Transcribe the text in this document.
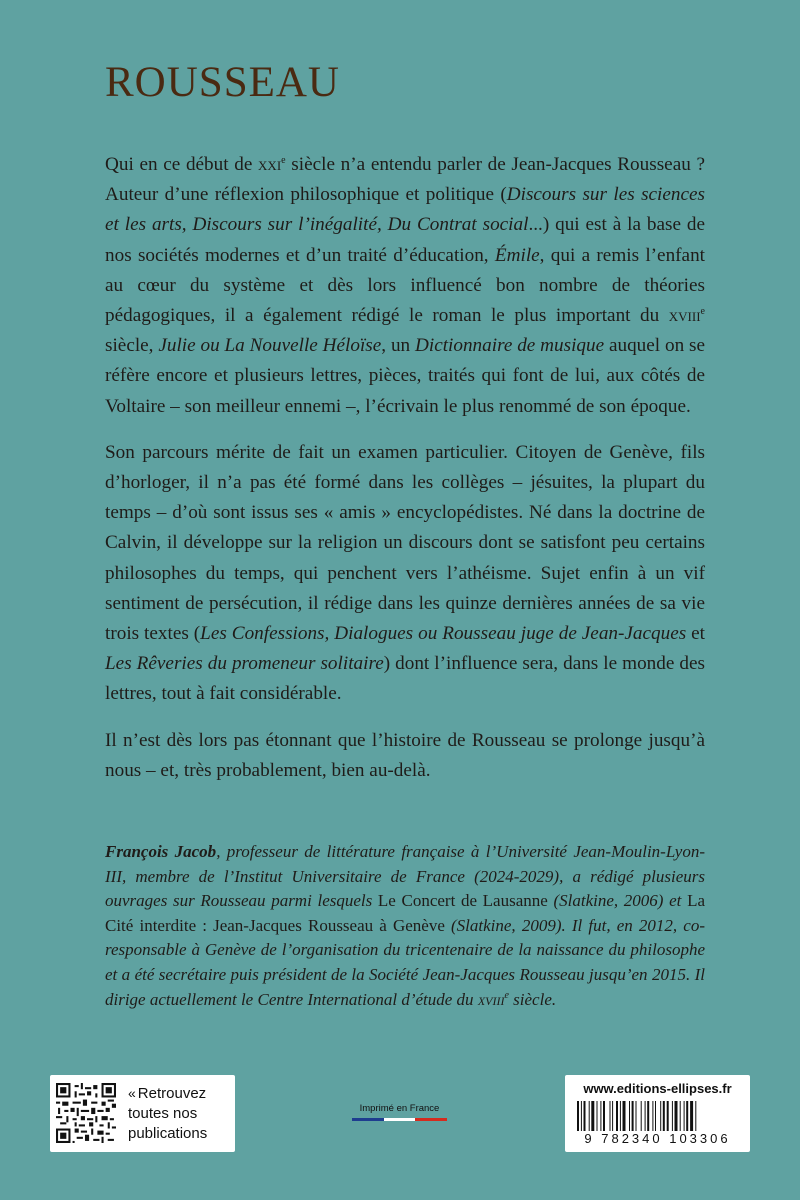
ROUSSEAU

Qui en ce début de xxi$^e$ siècle n’a entendu parler de Jean-Jacques Rousseau ? Auteur d’une réflexion philosophique et politique (Discours sur les sciences et les arts, Discours sur l’inégalité, Du Contrat social...) qui est à la base de nos sociétés modernes et d’un traité d’éducation, Émile, qui a remis l’enfant au cœur du système et dès lors influencé bon nombre de théories pédagogiques, il a également rédigé le roman le plus important du xviii$^e$ siècle, Julie ou La Nouvelle Héloïse, un Dictionnaire de musique auquel on se réfère encore et plusieurs lettres, pièces, traités qui font de lui, aux côtés de Voltaire – son meilleur ennemi –, l’écrivain le plus renommé de son époque.

Son parcours mérite de fait un examen particulier. Citoyen de Genève, fils d’horloger, il n’a pas été formé dans les collèges – jésuites, la plupart du temps – d’où sont issus ses « amis » encyclopédistes. Né dans la doctrine de Calvin, il développe sur la religion un discours dont se satisfont peu certains philosophes du temps, qui penchent vers l’athéisme. Sujet enfin à un vif sentiment de persécution, il rédige dans les quinze dernières années de sa vie trois textes (Les Confessions, Dialogues ou Rousseau juge de Jean-Jacques et Les Rêveries du promeneur solitaire) dont l’influence sera, dans le monde des lettres, tout à fait considérable.

Il n’est dès lors pas étonnant que l’histoire de Rousseau se prolonge jusqu’à nous – et, très probablement, bien au-delà.

François Jacob, professeur de littérature française à l’Université Jean-Moulin-Lyon-III, membre de l’Institut Universitaire de France (2024-2029), a rédigé plusieurs ouvrages sur Rousseau parmi lesquels Le Concert de Lausanne (Slatkine, 2006) et La Cité interdite : Jean-Jacques Rousseau à Genève (Slatkine, 2009). Il fut, en 2012, co-responsable à Genève de l’organisation du tricentenaire de la naissance du philosophe et a été secrétaire puis président de la Société Jean-Jacques Rousseau jusqu’en 2015. Il dirige actuellement le Centre International d’étude du xviii$^e$ siècle.
« Retrouvez
toutes nos
publications
Imprimé en France
www.editions-ellipses.fr
9 782340 103306
